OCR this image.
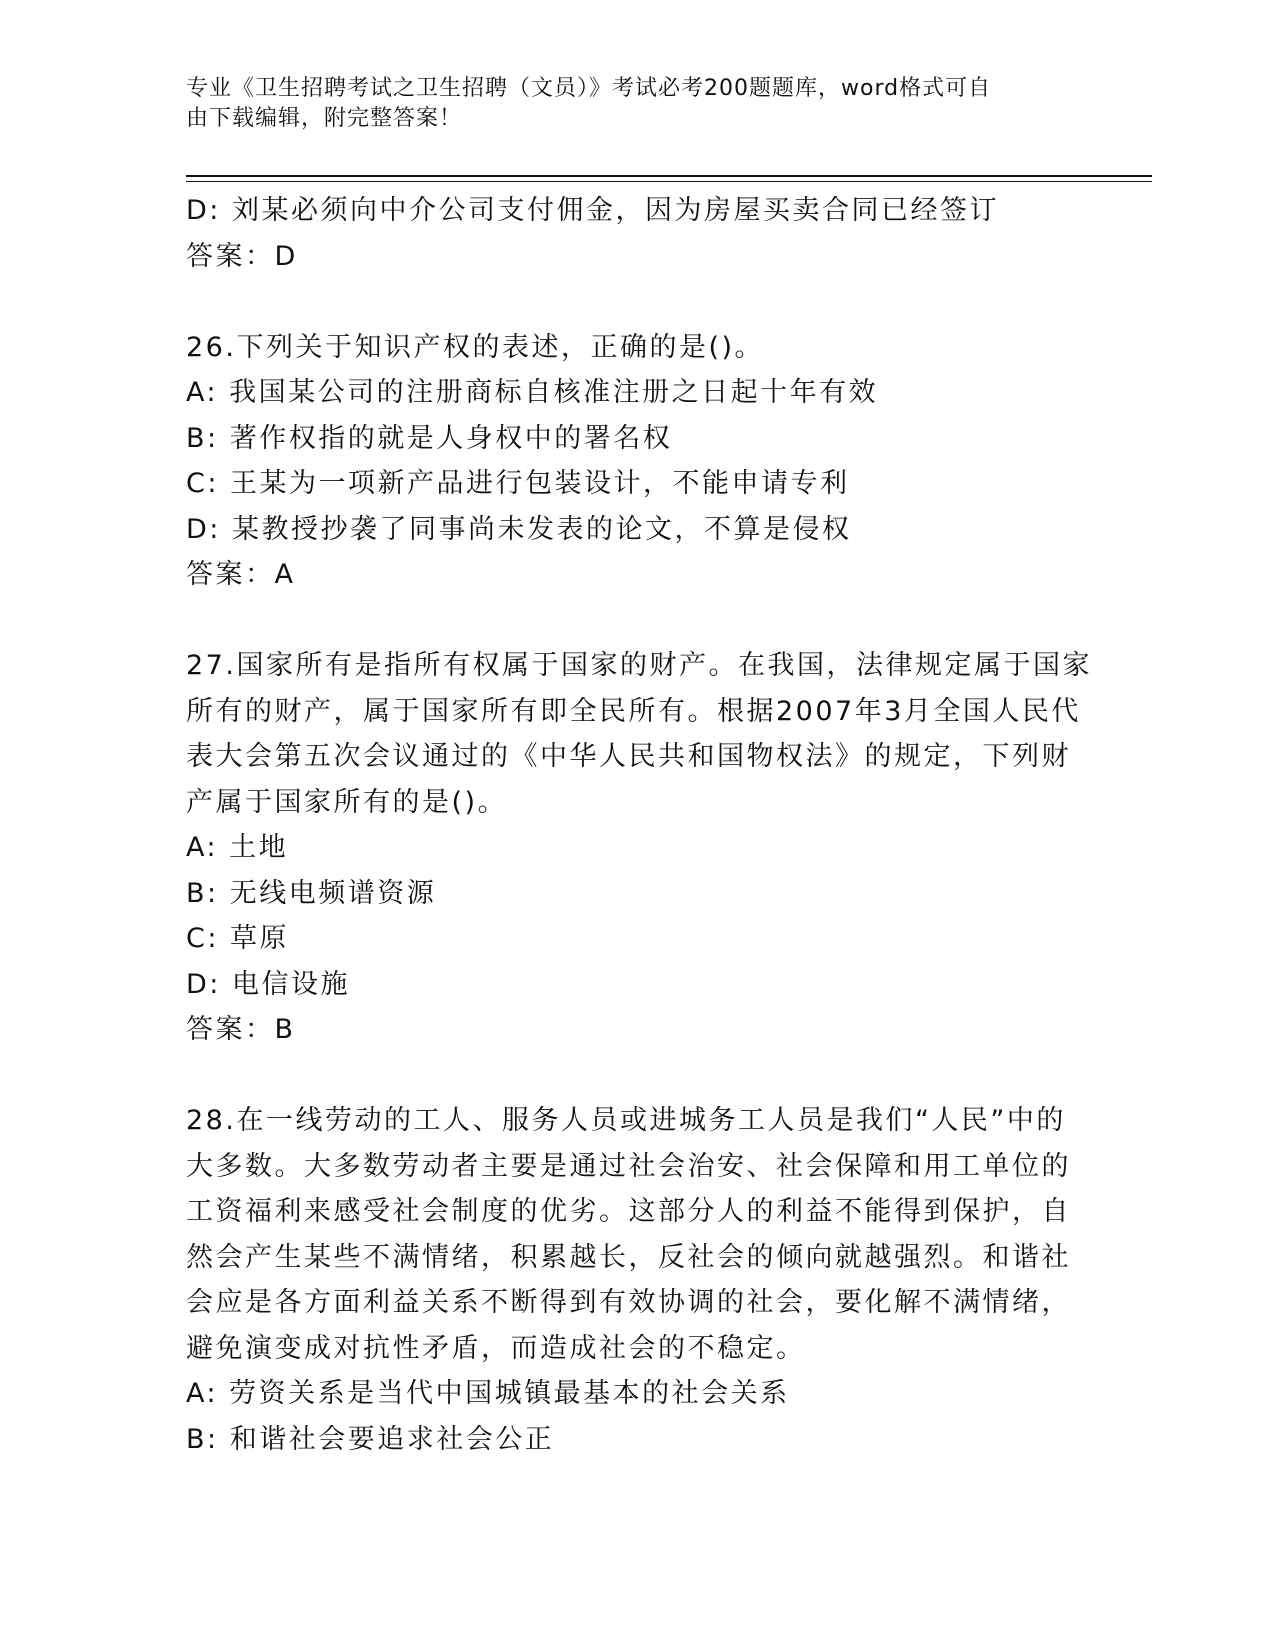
专业《卫生招聘考试之卫生招聘（文员）》考试必考200题题库，word格式可自
由下载编辑，附完整答案！
D: 刘某必须向中介公司支付佣金，因为房屋买卖合同已经签订
答案：D
26.下列关于知识产权的表述，正确的是()。
A: 我国某公司的注册商标自核准注册之日起十年有效
B: 著作权指的就是人身权中的署名权
C: 王某为一项新产品进行包装设计，不能申请专利
D: 某教授抄袭了同事尚未发表的论文，不算是侵权
答案：A
27.国家所有是指所有权属于国家的财产。在我国，法律规定属于国家
所有的财产，属于国家所有即全民所有。根据2007年3月全国人民代
表大会第五次会议通过的《中华人民共和国物权法》的规定，下列财
产属于国家所有的是()。
A: 土地
B: 无线电频谱资源
C: 草原
D: 电信设施
答案：B
28.在一线劳动的工人、服务人员或进城务工人员是我们“人民”中的
大多数。大多数劳动者主要是通过社会治安、社会保障和用工单位的
工资福利来感受社会制度的优劣。这部分人的利益不能得到保护，自
然会产生某些不满情绪，积累越长，反社会的倾向就越强烈。和谐社
会应是各方面利益关系不断得到有效协调的社会，要化解不满情绪，
避免演变成对抗性矛盾，而造成社会的不稳定。
A: 劳资关系是当代中国城镇最基本的社会关系
B: 和谐社会要追求社会公正
